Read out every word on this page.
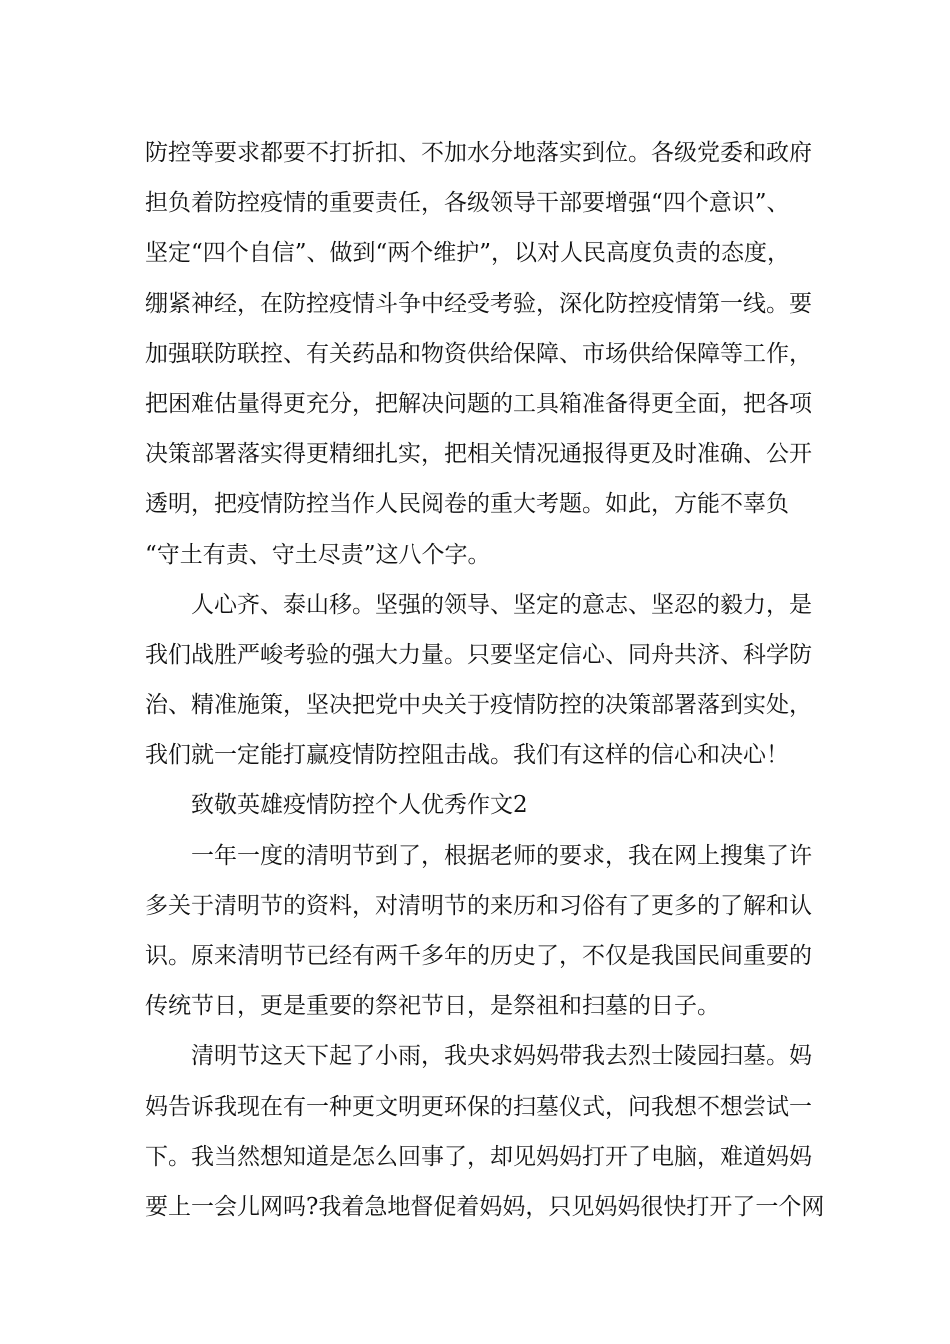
防控等要求都要不打折扣、不加水分地落实到位。各级党委和政府
担负着防控疫情的重要责任，各级领导干部要增强“四个意识”、
坚定“四个自信”、做到“两个维护”，以对人民高度负责的态度，
绷紧神经，在防控疫情斗争中经受考验，深化防控疫情第一线。要
加强联防联控、有关药品和物资供给保障、市场供给保障等工作，
把困难估量得更充分，把解决问题的工具箱准备得更全面，把各项
决策部署落实得更精细扎实，把相关情况通报得更及时准确、公开
透明，把疫情防控当作人民阅卷的重大考题。如此，方能不辜负
“守土有责、守土尽责”这八个字。
人心齐、泰山移。坚强的领导、坚定的意志、坚忍的毅力，是
我们战胜严峻考验的强大力量。只要坚定信心、同舟共济、科学防
治、精准施策，坚决把党中央关于疫情防控的决策部署落到实处，
我们就一定能打赢疫情防控阻击战。我们有这样的信心和决心！
致敬英雄疫情防控个人优秀作文2
一年一度的清明节到了，根据老师的要求，我在网上搜集了许
多关于清明节的资料，对清明节的来历和习俗有了更多的了解和认
识。原来清明节已经有两千多年的历史了，不仅是我国民间重要的
传统节日，更是重要的祭祀节日，是祭祖和扫墓的日子。
清明节这天下起了小雨，我央求妈妈带我去烈士陵园扫墓。妈
妈告诉我现在有一种更文明更环保的扫墓仪式，问我想不想尝试一
下。我当然想知道是怎么回事了，却见妈妈打开了电脑，难道妈妈
要上一会儿网吗?我着急地督促着妈妈，只见妈妈很快打开了一个网
